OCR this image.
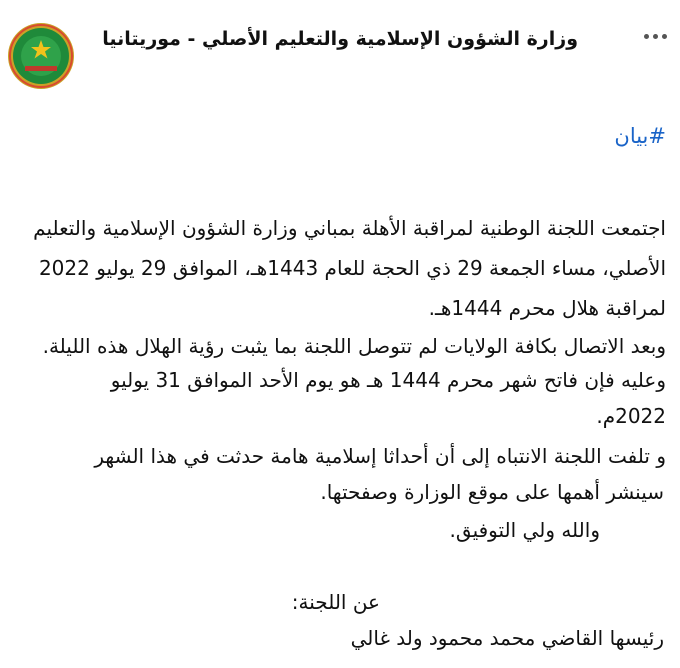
وزارة الشؤون الإسلامية والتعليم الأصلي - موريتانيا
#بيان
اجتمعت اللجنة الوطنية لمراقبة الأهلة بمباني وزارة الشؤون الإسلامية والتعليم
الأصلي، مساء الجمعة 29 ذي الحجة للعام 1443هـ، الموافق 29 يوليو 2022
لمراقبة هلال محرم 1444هـ.
وبعد الاتصال بكافة الولايات لم تتوصل اللجنة بما يثبت رؤية الهلال هذه الليلة.
وعليه فإن فاتح شهر محرم 1444 هـ هو يوم الأحد الموافق 31 يوليو
2022م.
و تلفت اللجنة الانتباه إلى أن أحداثا إسلامية هامة حدثت في هذا الشهر
سينشر أهمها على موقع الوزارة وصفحتها.
والله ولي التوفيق.
عن اللجنة:
رئيسها القاضي محمد محمود ولد غالي
